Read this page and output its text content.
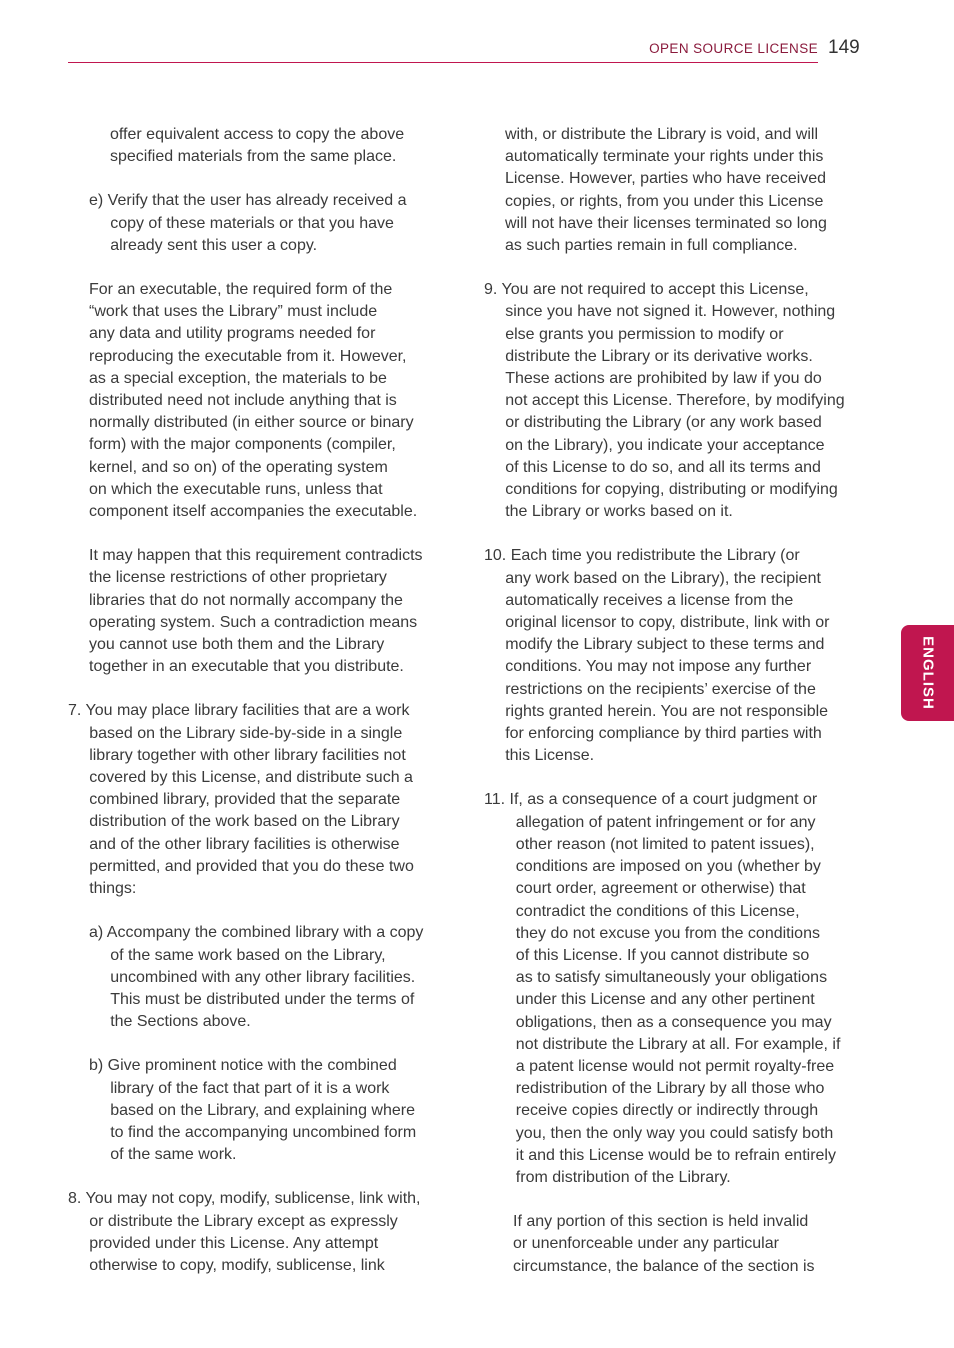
OPEN SOURCE LICENSE 149
ENGLISH
offer equivalent access to copy the above
specified materials from the same place.
e) Verify that the user has already received a
copy of these materials or that you have
already sent this user a copy.
For an executable, the required form of the
“work that uses the Library” must include
any data and utility programs needed for
reproducing the executable from it. However,
as a special exception, the materials to be
distributed need not include anything that is
normally distributed (in either source or binary
form) with the major components (compiler,
kernel, and so on) of the operating system
on which the executable runs, unless that
component itself accompanies the executable.
It may happen that this requirement contradicts
the license restrictions of other proprietary
libraries that do not normally accompany the
operating system. Such a contradiction means
you cannot use both them and the Library
together in an executable that you distribute.
7. You may place library facilities that are a work
based on the Library side-by-side in a single
library together with other library facilities not
covered by this License, and distribute such a
combined library, provided that the separate
distribution of the work based on the Library
and of the other library facilities is otherwise
permitted, and provided that you do these two
things:
a) Accompany the combined library with a copy
of the same work based on the Library,
uncombined with any other library facilities.
This must be distributed under the terms of
the Sections above.
b) Give prominent notice with the combined
library of the fact that part of it is a work
based on the Library, and explaining where
to find the accompanying uncombined form
of the same work.
8. You may not copy, modify, sublicense, link with,
or distribute the Library except as expressly
provided under this License. Any attempt
otherwise to copy, modify, sublicense, link
with, or distribute the Library is void, and will
automatically terminate your rights under this
License. However, parties who have received
copies, or rights, from you under this License
will not have their licenses terminated so long
as such parties remain in full compliance.
9. You are not required to accept this License,
since you have not signed it. However, nothing
else grants you permission to modify or
distribute the Library or its derivative works.
These actions are prohibited by law if you do
not accept this License. Therefore, by modifying
or distributing the Library (or any work based
on the Library), you indicate your acceptance
of this License to do so, and all its terms and
conditions for copying, distributing or modifying
the Library or works based on it.
10. Each time you redistribute the Library (or
any work based on the Library), the recipient
automatically receives a license from the
original licensor to copy, distribute, link with or
modify the Library subject to these terms and
conditions. You may not impose any further
restrictions on the recipients’ exercise of the
rights granted herein. You are not responsible
for enforcing compliance by third parties with
this License.
11. If, as a consequence of a court judgment or
allegation of patent infringement or for any
other reason (not limited to patent issues),
conditions are imposed on you (whether by
court order, agreement or otherwise) that
contradict the conditions of this License,
they do not excuse you from the conditions
of this License. If you cannot distribute so
as to satisfy simultaneously your obligations
under this License and any other pertinent
obligations, then as a consequence you may
not distribute the Library at all. For example, if
a patent license would not permit royalty-free
redistribution of the Library by all those who
receive copies directly or indirectly through
you, then the only way you could satisfy both
it and this License would be to refrain entirely
from distribution of the Library.
If any portion of this section is held invalid
or unenforceable under any particular
circumstance, the balance of the section is
